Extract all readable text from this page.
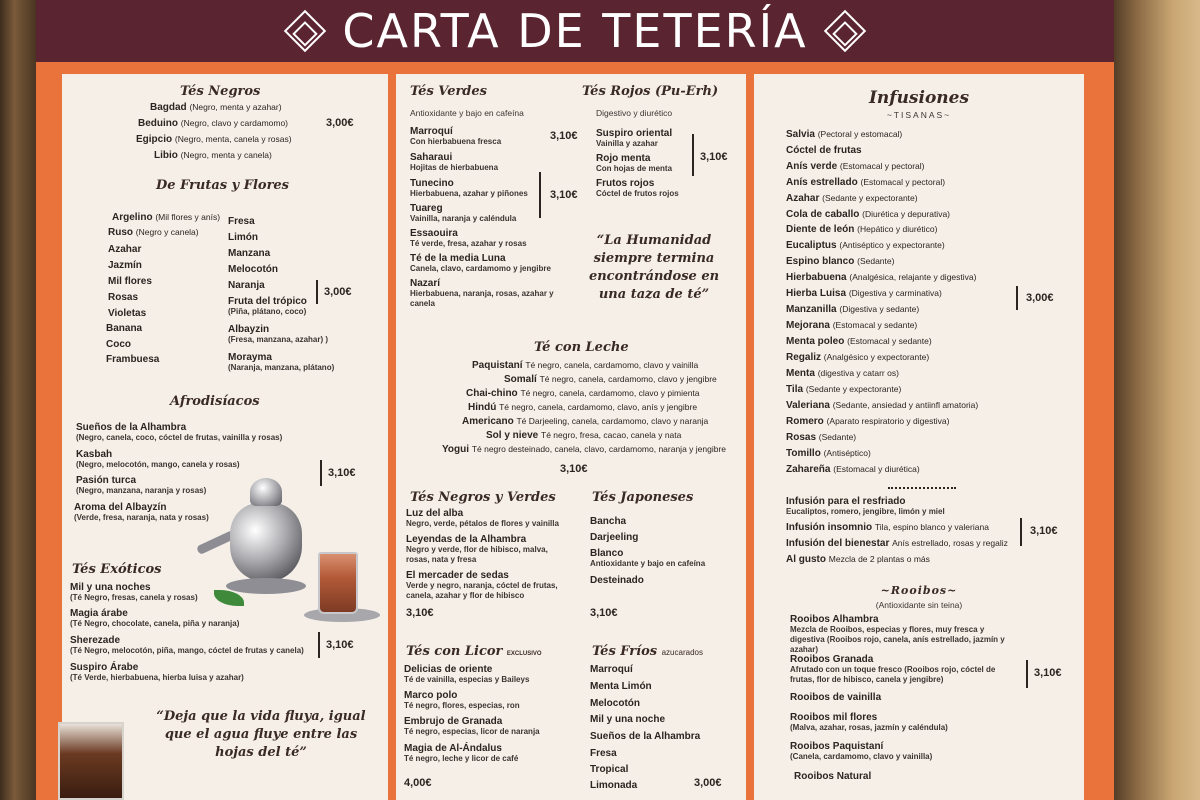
CARTA DE TETERÍA
Tés Negros
Bagdad (Negro, menta y azahar)
Beduino (Negro, clavo y cardamomo)
Egipcio (Negro, menta, canela y rosas)
Libio (Negro, menta y canela)
3,00€
De Frutas y Flores
Argelino (Mil flores y anís)
Ruso (Negro y canela)
Azahar
Jazmín
Mil flores
Rosas
Violetas
Banana
Coco
Frambuesa
Fresa
Limón
Manzana
Melocotón
Naranja
Fruta del trópico
(Piña, plátano, coco)
Albayzin
(Fresa, manzana, azahar) )
Morayma
(Naranja, manzana, plátano)
3,00€
Afrodisíacos
Sueños de la Alhambra
(Negro, canela, coco, cóctel de frutas, vainilla y rosas)
Kasbah
(Negro, melocotón, mango, canela y rosas)
Pasión turca
(Negro, manzana, naranja y rosas)
Aroma del Albayzín
(Verde, fresa, naranja, nata y rosas)
3,10€
Tés Exóticos
Mil y una noches
(Té Negro, fresas, canela y rosas)
Magia árabe
(Té Negro, chocolate, canela, piña y naranja)
Sherezade
(Té Negro, melocotón, piña, mango, cóctel de frutas y canela)
Suspiro Árabe
(Té Verde, hierbabuena, hierba luisa y azahar)
3,10€
“Deja que la vida fluya, igual que el agua fluye entre las hojas del té”
Tés Verdes
Antioxidante y bajo en cafeína
Marroquí
Con hierbabuena fresca
Saharaui
Hojitas de hierbabuena
Tunecino
Hierbabuena, azahar y piñones
Tuareg
Vainilla, naranja y caléndula
Essaouira
Té verde, fresa, azahar y rosas
Té de la media Luna
Canela, clavo, cardamomo y jengibre
Nazarí
Hierbabuena, naranja, rosas, azahar y canela
3,10€
3,10€
Tés Rojos (Pu-Erh)
Digestivo y diurético
Suspiro oriental
Vainilla y azahar
Rojo menta
Con hojas de menta
Frutos rojos
Cóctel de frutos rojos
3,10€
“La Humanidad siempre termina encontrándose en una taza de té”
Té con Leche
Paquistaní Té negro, canela, cardamomo, clavo y vainilla
Somalí Té negro, canela, cardamomo, clavo y jengibre
Chai-chino Té negro, canela, cardamomo, clavo y pimienta
Hindú Té negro, canela, cardamomo, clavo, anís y jengibre
Americano Té Darjeeling, canela, cardamomo, clavo y naranja
Sol y nieve Té negro, fresa, cacao, canela y nata
Yogui Té negro desteinado, canela, clavo, cardamomo, naranja y jengibre
3,10€
Tés Negros y Verdes
Luz del alba
Negro, verde, pétalos de flores y vainilla
Leyendas de la Alhambra
Negro y verde, flor de hibisco, malva, rosas, nata y fresa
El mercader de sedas
Verde y negro, naranja, cóctel de frutas, canela, azahar y flor de hibisco
3,10€
Tés Japoneses
Bancha
Darjeeling
Blanco
Antioxidante y bajo en cafeína
Desteinado
3,10€
Tés con Licor EXCLUSIVO
Delicias de oriente
Té de vainilla, especias y Baileys
Marco polo
Té negro, flores, especias, ron
Embrujo de Granada
Té negro, especias, licor de naranja
Magia de Al-Ándalus
Té negro, leche y licor de café
4,00€
Tés Fríos azucarados
Marroquí
Menta Limón
Melocotón
Mil y una noche
Sueños de la Alhambra
Fresa
Tropical
Limonada	3,00€
Infusiones
~TISANAS~
Salvia (Pectoral y estomacal)
Cóctel de frutas
Anís verde (Estomacal y pectoral)
Anís estrellado (Estomacal y pectoral)
Azahar (Sedante y expectorante)
Cola de caballo (Diurética y depurativa)
Diente de león (Hepático y diurético)
Eucaliptus (Antiséptico y expectorante)
Espino blanco (Sedante)
Hierbabuena (Analgésica, relajante y digestiva)
Hierba Luisa (Digestiva y carminativa)
Manzanilla (Digestiva y sedante)
Mejorana (Estomacal y sedante)
Menta poleo (Estomacal y sedante)
Regaliz (Analgésico y expectorante)
Menta (digestiva y catarr os)
Tila (Sedante y expectorante)
Valeriana (Sedante, ansiedad y antiinfl amatoria)
Romero (Aparato respiratorio y digestiva)
Rosas (Sedante)
Tomillo (Antiséptico)
Zahareña (Estomacal y diurética)
3,00€
Infusión para el resfriado
Eucaliptos, romero, jengibre, limón y miel
Infusión insomnio Tila, espino blanco y valeriana
Infusión del bienestar Anís estrellado, rosas y regaliz
Al gusto Mezcla de 2 plantas o más
3,10€
~Rooibos~
(Antioxidante sin teina)
Rooibos Alhambra
Mezcla de Rooibos, especias y flores, muy fresca y digestiva (Rooibos rojo, canela, anís estrellado, jazmín y azahar)
Rooibos Granada
Afrutado con un toque fresco (Rooibos rojo, cóctel de frutas, flor de hibisco, canela y jengibre)
Rooibos de vainilla
Rooibos mil flores
(Malva, azahar, rosas, jazmín y caléndula)
Rooibos Paquistaní
(Canela, cardamomo, clavo y vainilla)
Rooibos Natural
3,10€
